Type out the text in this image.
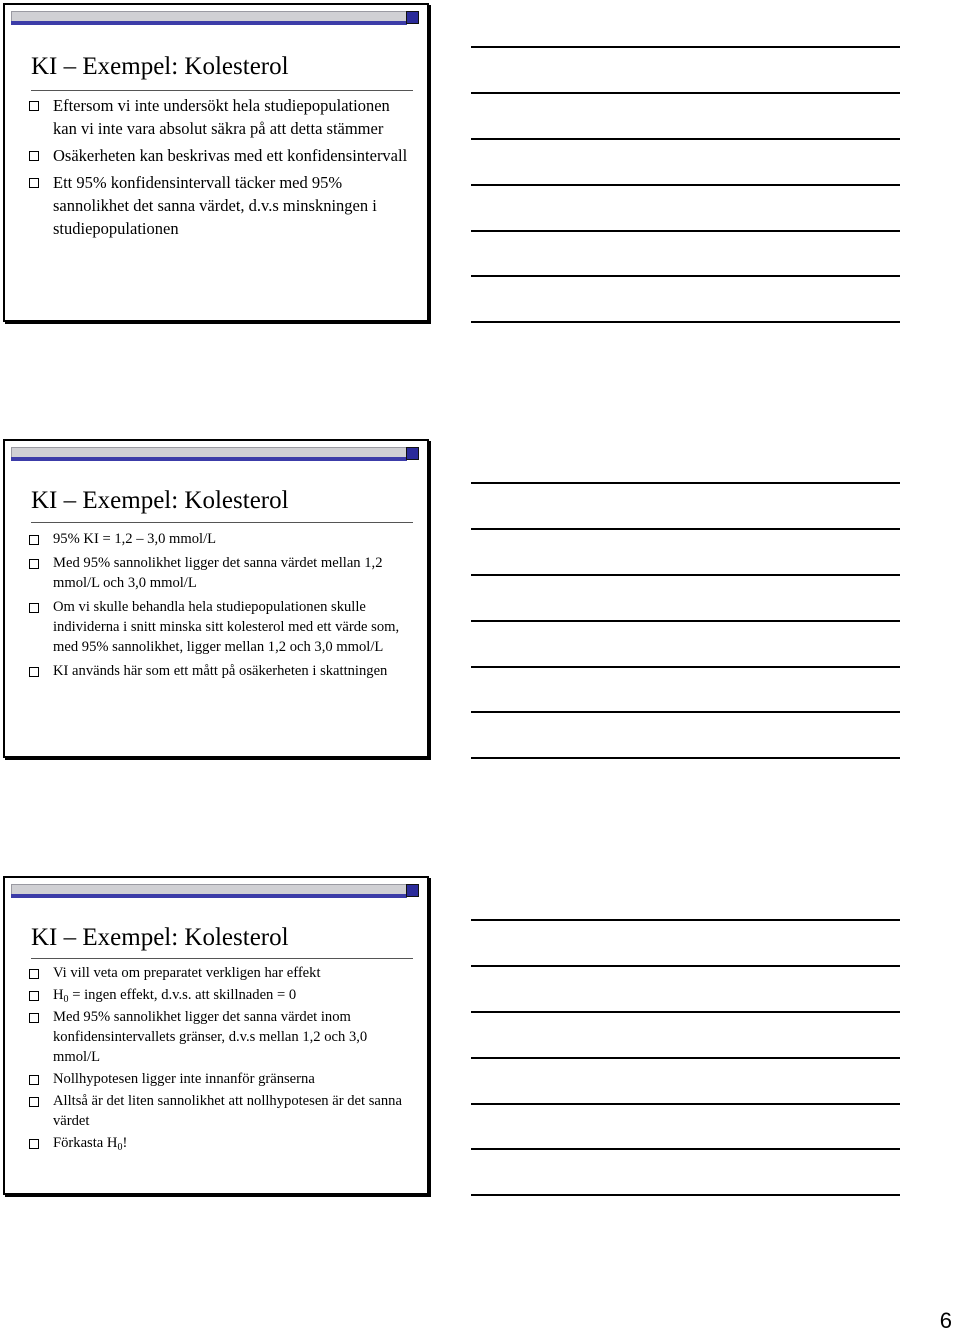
KI – Exempel: Kolesterol
Eftersom vi inte undersökt hela studiepopulationen kan vi inte vara absolut säkra på att detta stämmer
Osäkerheten kan beskrivas med ett konfidensintervall
Ett 95% konfidensintervall täcker med 95% sannolikhet det sanna värdet, d.v.s minskningen i studiepopulationen
KI – Exempel: Kolesterol
95% KI = 1,2 – 3,0 mmol/L
Med 95% sannolikhet ligger det sanna värdet mellan 1,2 mmol/L och 3,0 mmol/L
Om vi skulle behandla hela studiepopulationen skulle individerna i snitt minska sitt kolesterol med ett värde som, med 95% sannolikhet, ligger mellan 1,2 och 3,0 mmol/L
KI används här som ett mått på osäkerheten i skattningen
KI – Exempel: Kolesterol
Vi vill veta om preparatet verkligen har effekt
$H_0$ = ingen effekt, d.v.s. att skillnaden = 0
Med 95% sannolikhet ligger det sanna värdet inom konfidensintervallets gränser, d.v.s mellan 1,2 och 3,0 mmol/L
Nollhypotesen ligger inte innanför gränserna
Alltså är det liten sannolikhet att nollhypotesen är det sanna värdet
Förkasta $H_0$!
6
